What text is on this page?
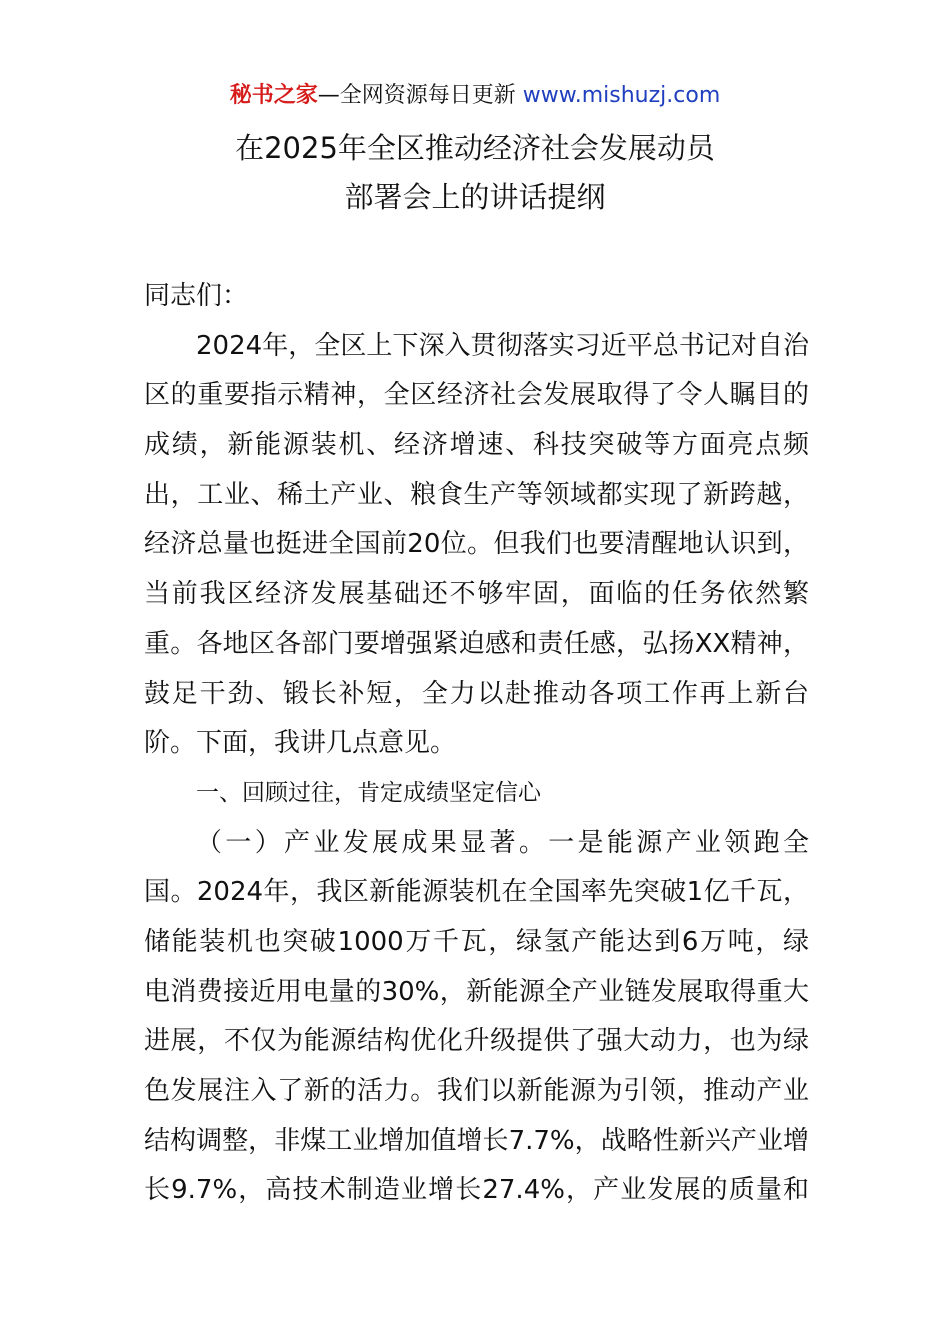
秘书之家—全网资源每日更新 www.mishuzj.com
在2025年全区推动经济社会发展动员
部署会上的讲话提纲
同志们：
2024年，全区上下深入贯彻落实习近平总书记对自治
区的重要指示精神，全区经济社会发展取得了令人瞩目的
成绩，新能源装机、经济增速、科技突破等方面亮点频
出，工业、稀土产业、粮食生产等领域都实现了新跨越，
经济总量也挺进全国前20位。但我们也要清醒地认识到，
当前我区经济发展基础还不够牢固，面临的任务依然繁
重。各地区各部门要增强紧迫感和责任感，弘扬XX精神，
鼓足干劲、锻长补短，全力以赴推动各项工作再上新台
阶。下面，我讲几点意见。
一、回顾过往，肯定成绩坚定信心
（一）产业发展成果显著。一是能源产业领跑全
国。2024年，我区新能源装机在全国率先突破1亿千瓦，
储能装机也突破1000万千瓦，绿氢产能达到6万吨，绿
电消费接近用电量的30%，新能源全产业链发展取得重大
进展，不仅为能源结构优化升级提供了强大动力，也为绿
色发展注入了新的活力。我们以新能源为引领，推动产业
结构调整，非煤工业增加值增长7.7%，战略性新兴产业增
长9.7%，高技术制造业增长27.4%，产业发展的质量和
